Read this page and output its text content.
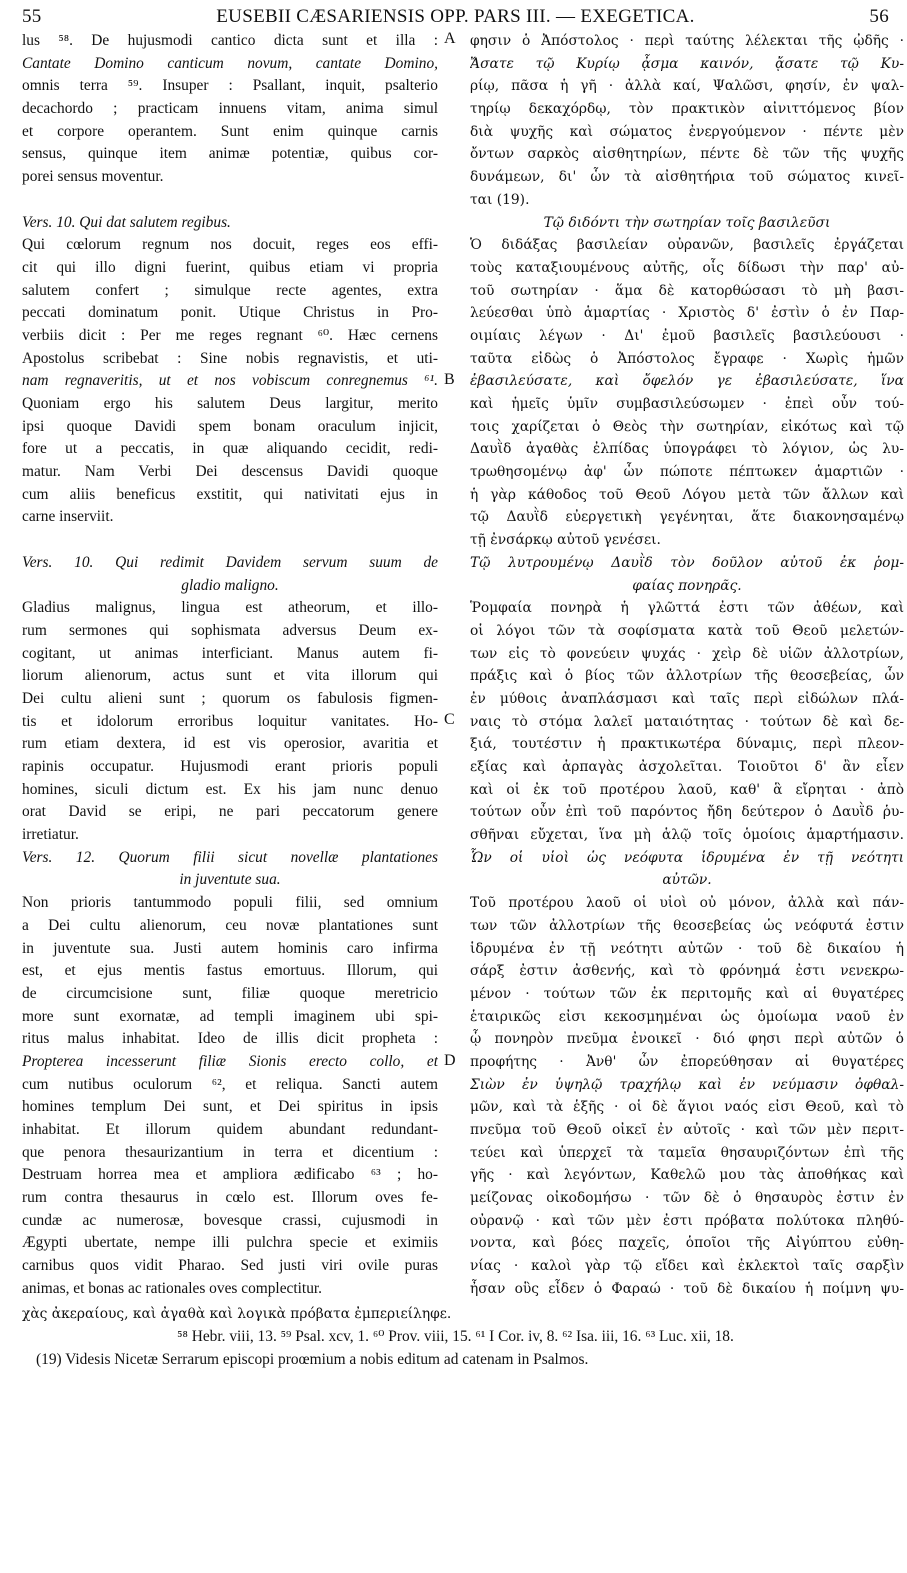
55	EUSEBII CÆSARIENSIS OPP. PARS III. — EXEGETICA.	56
lus ⁵⁸. De hujusmodi cantico dicta sunt et illa :
Cantate Domino canticum novum, cantate Domino,
omnis terra ⁵⁹. Insuper : Psallant, inquit, psalterio
decachordo ; practicam innuens vitam, anima simul
et corpore operantem. Sunt enim quinque carnis
sensus, quinque item animæ potentiæ, quibus cor-
porei sensus moventur.
Vers. 10. Qui dat salutem regibus.
Qui cœlorum regnum nos docuit, reges eos effi-
cit qui illo digni fuerint, quibus etiam vi propria
salutem confert ; simulque recte agentes, extra
peccati dominatum ponit. Utique Christus in Pro-
verbiis dicit : Per me reges regnant ⁶⁰. Hæc cernens
Apostolus scribebat : Sine nobis regnavistis, et uti-
nam regnaveritis, ut et nos vobiscum conregnemus ⁶¹.
Quoniam ergo his salutem Deus largitur, merito
ipsi quoque Davidi spem bonam oraculum injicit,
fore ut a peccatis, in quæ aliquando cecidit, redi-
matur. Nam Verbi Dei descensus Davidi quoque
cum aliis beneficus exstitit, qui nativitati ejus in
carne inserviit.
Vers. 10. Qui redimit Davidem servum suum de
gladio maligno.
Gladius malignus, lingua est atheorum, et illo-
rum sermones qui sophismata adversus Deum ex-
cogitant, ut animas interficiant. Manus autem fi-
liorum alienorum, actus sunt et vita illorum qui
Dei cultu alieni sunt ; quorum os fabulosis figmen-
tis et idolorum erroribus loquitur vanitates. Ho-
rum etiam dextera, id est vis operosior, avaritia et
rapinis occupatur. Hujusmodi erant prioris populi
homines, siculi dictum est. Ex his jam nunc denuo
orat David se eripi, ne pari peccatorum genere
irretiatur.
Vers. 12. Quorum filii sicut novellæ plantationes
in juventute sua.
Non prioris tantummodo populi filii, sed omnium
a Dei cultu alienorum, ceu novæ plantationes sunt
in juventute sua. Justi autem hominis caro infirma
est, et ejus mentis fastus emortuus. Illorum, qui
de circumcisione sunt, filiæ quoque meretricio
more sunt exornatæ, ad templi imaginem ubi spi-
ritus malus inhabitat. Ideo de illis dicit propheta :
Propterea incesserunt filiæ Sionis erecto collo, et
cum nutibus oculorum ⁶², et reliqua. Sancti autem
homines templum Dei sunt, et Dei spiritus in ipsis
inhabitat. Et illorum quidem abundant redundant-
que penora thesaurizantium in terra et dicentium :
Destruam horrea mea et ampliora ædificabo ⁶³ ; ho-
rum contra thesaurus in cœlo est. Illorum oves fe-
cundæ ac numerosæ, bovesque crassi, cujusmodi in
Ægypti ubertate, nempe illi pulchra specie et eximiis
carnibus quos vidit Pharao. Sed justi viri ovile puras
animas, et bonas ac rationales oves complectitur.
φησιν ὁ Ἀπόστολος · περὶ ταύτης λέλεκται τῆς ᾠδῆς ·
Ἄσατε τῷ Κυρίῳ ᾆσμα καινόν, ᾄσατε τῷ Κυ-
ρίῳ, πᾶσα ἡ γῆ · ἀλλὰ καί, Ψαλῶσι, φησίν, ἐν ψαλ-
τηρίῳ δεκαχόρδῳ, τὸν πρακτικὸν αἰνιττόμενος βίον
διὰ ψυχῆς καὶ σώματος ἐνεργούμενον · πέντε μὲν
ὄντων σαρκὸς αἰσθητηρίων, πέντε δὲ τῶν τῆς ψυχῆς
δυνάμεων, δι' ὧν τὰ αἰσθητήρια τοῦ σώματος κινεῖ-
ται (19).
Τῷ διδόντι τὴν σωτηρίαν τοῖς βασιλεῦσι
Ὁ διδάξας βασιλείαν οὐρανῶν, βασιλεῖς ἐργάζεται
τοὺς καταξιουμένους αὐτῆς, οἷς δίδωσι τὴν παρ' αὐ-
τοῦ σωτηρίαν · ἅμα δὲ κατορθώσασι τὸ μὴ βασι-
λεύεσθαι ὑπὸ ἁμαρτίας · Χριστὸς δ' ἐστὶν ὁ ἐν Παρ-
οιμίαις λέγων · Δι' ἐμοῦ βασιλεῖς βασιλεύουσι ·
ταῦτα εἰδὼς ὁ Ἀπόστολος ἔγραφε · Χωρὶς ἡμῶν
ἐβασιλεύσατε, καὶ ὄφελόν γε ἐβασιλεύσατε, ἵνα
καὶ ἡμεῖς ὑμῖν συμβασιλεύσωμεν · ἐπεὶ οὖν τού-
τοις χαρίζεται ὁ Θεὸς τὴν σωτηρίαν, εἰκότως καὶ τῷ
Δαυῒδ ἀγαθὰς ἐλπίδας ὑπογράφει τὸ λόγιον, ὡς λυ-
τρωθησομένῳ ἀφ' ὧν πώποτε πέπτωκεν ἁμαρτιῶν ·
ἡ γὰρ κάθοδος τοῦ Θεοῦ Λόγου μετὰ τῶν ἄλλων καὶ
τῷ Δαυῒδ εὐεργετικὴ γεγένηται, ἅτε διακονησαμένῳ
τῇ ἐνσάρκῳ αὐτοῦ γενέσει.
Τῷ λυτρουμένῳ Δαυῒδ τὸν δοῦλον αὐτοῦ ἐκ ῥομ-
φαίας πονηρᾶς.
Ῥομφαία πονηρὰ ἡ γλῶττά ἐστι τῶν ἀθέων, καὶ
οἱ λόγοι τῶν τὰ σοφίσματα κατὰ τοῦ Θεοῦ μελετών-
των εἰς τὸ φονεύειν ψυχάς · χεὶρ δὲ υἱῶν ἀλλοτρίων,
πράξις καὶ ὁ βίος τῶν ἀλλοτρίων τῆς θεοσεβείας, ὧν
ἐν μύθοις ἀναπλάσμασι καὶ ταῖς περὶ εἰδώλων πλά-
ναις τὸ στόμα λαλεῖ ματαιότητας · τούτων δὲ καὶ δε-
ξιά, τουτέστιν ἡ πρακτικωτέρα δύναμις, περὶ πλεον-
εξίας καὶ ἁρπαγὰς ἀσχολεῖται. Τοιοῦτοι δ' ἂν εἶεν
καὶ οἱ ἐκ τοῦ προτέρου λαοῦ, καθ' ἃ εἴρηται · ἀπὸ
τούτων οὖν ἐπὶ τοῦ παρόντος ἤδη δεύτερον ὁ Δαυῒδ ῥυ-
σθῆναι εὔχεται, ἵνα μὴ ἁλῷ τοῖς ὁμοίοις ἁμαρτήμασιν.
Ὧν οἱ υἱοὶ ὡς νεόφυτα ἱδρυμένα ἐν τῇ νεότητι
αὐτῶν.
Τοῦ προτέρου λαοῦ οἱ υἱοὶ οὐ μόνον, ἀλλὰ καὶ πάν-
των τῶν ἀλλοτρίων τῆς θεοσεβείας ὡς νεόφυτά ἐστιν
ἱδρυμένα ἐν τῇ νεότητι αὐτῶν · τοῦ δὲ δικαίου ἡ
σάρξ ἐστιν ἀσθενής, καὶ τὸ φρόνημά ἐστι νενεκρω-
μένον · τούτων τῶν ἐκ περιτομῆς καὶ αἱ θυγατέρες
ἑταιρικῶς εἰσι κεκοσμημέναι ὡς ὁμοίωμα ναοῦ ἐν
ᾧ πονηρὸν πνεῦμα ἐνοικεῖ · διό φησι περὶ αὐτῶν ὁ
προφήτης · Ἀνθ' ὧν ἐπορεύθησαν αἱ θυγατέρες
Σιὼν ἐν ὑψηλῷ τραχήλῳ καὶ ἐν νεύμασιν ὀφθαλ-
μῶν, καὶ τὰ ἑξῆς · οἱ δὲ ἅγιοι ναός εἰσι Θεοῦ, καὶ τὸ
πνεῦμα τοῦ Θεοῦ οἰκεῖ ἐν αὐτοῖς · καὶ τῶν μὲν περιτ-
τεύει καὶ ὑπερχεῖ τὰ ταμεῖα θησαυριζόντων ἐπὶ τῆς
γῆς · καὶ λεγόντων, Καθελῶ μου τὰς ἀποθήκας καὶ
μείζονας οἰκοδομήσω · τῶν δὲ ὁ θησαυρὸς ἐστιν ἐν
οὐρανῷ · καὶ τῶν μὲν ἐστι πρόβατα πολύτοκα πληθύ-
νοντα, καὶ βόες παχεῖς, ὁποῖοι τῆς Αἰγύπτου εὐθη-
νίας · καλοὶ γὰρ τῷ εἴδει καὶ ἐκλεκτοὶ ταῖς σαρξὶν
ἦσαν οὓς εἶδεν ὁ Φαραώ · τοῦ δὲ δικαίου ἡ ποίμνη ψυ-
A
B
C
D
χὰς ἀκεραίους, καὶ ἀγαθὰ καὶ λογικὰ πρόβατα ἐμπεριείληφε.
⁵⁸ Hebr. viii, 13. ⁵⁹ Psal. xcv, 1. ⁶⁰ Prov. viii, 15. ⁶¹ I Cor. iv, 8. ⁶² Isa. iii, 16. ⁶³ Luc. xii, 18.
(19) Videsis Nicetæ Serrarum episcopi proœmium a nobis editum ad catenam in Psalmos.
